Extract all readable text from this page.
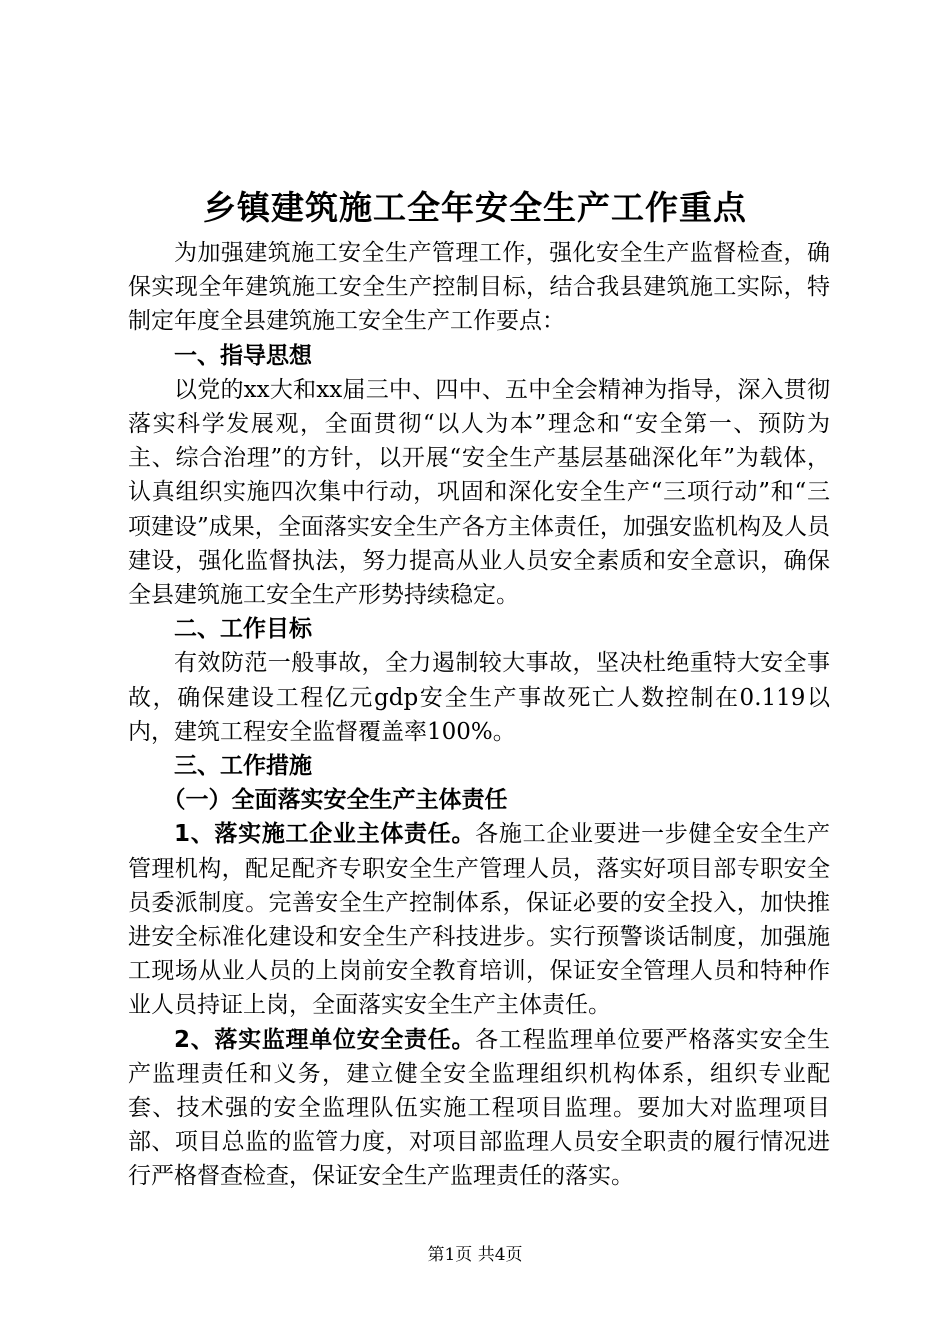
乡镇建筑施工全年安全生产工作重点

为加强建筑施工安全生产管理工作，强化安全生产监督检查，确保实现全年建筑施工安全生产控制目标，结合我县建筑施工实际，特制定年度全县建筑施工安全生产工作要点：

一、指导思想

以党的xx大和xx届三中、四中、五中全会精神为指导，深入贯彻落实科学发展观，全面贯彻“以人为本”理念和“安全第一、预防为主、综合治理”的方针，以开展“安全生产基层基础深化年”为载体，认真组织实施四次集中行动，巩固和深化安全生产“三项行动”和“三项建设”成果，全面落实安全生产各方主体责任，加强安监机构及人员建设，强化监督执法，努力提高从业人员安全素质和安全意识，确保全县建筑施工安全生产形势持续稳定。

二、工作目标

有效防范一般事故，全力遏制较大事故，坚决杜绝重特大安全事故，确保建设工程亿元gdp安全生产事故死亡人数控制在0.119以内，建筑工程安全监督覆盖率100%。

三、工作措施
（一）全面落实安全生产主体责任

1、落实施工企业主体责任。各施工企业要进一步健全安全生产管理机构，配足配齐专职安全生产管理人员，落实好项目部专职安全员委派制度。完善安全生产控制体系，保证必要的安全投入，加快推进安全标准化建设和安全生产科技进步。实行预警谈话制度，加强施工现场从业人员的上岗前安全教育培训，保证安全管理人员和特种作业人员持证上岗，全面落实安全生产主体责任。

2、落实监理单位安全责任。各工程监理单位要严格落实安全生产监理责任和义务，建立健全安全监理组织机构体系，组织专业配套、技术强的安全监理队伍实施工程项目监理。要加大对监理项目部、项目总监的监管力度，对项目部监理人员安全职责的履行情况进行严格督查检查，保证安全生产监理责任的落实。

第1页 共4页
